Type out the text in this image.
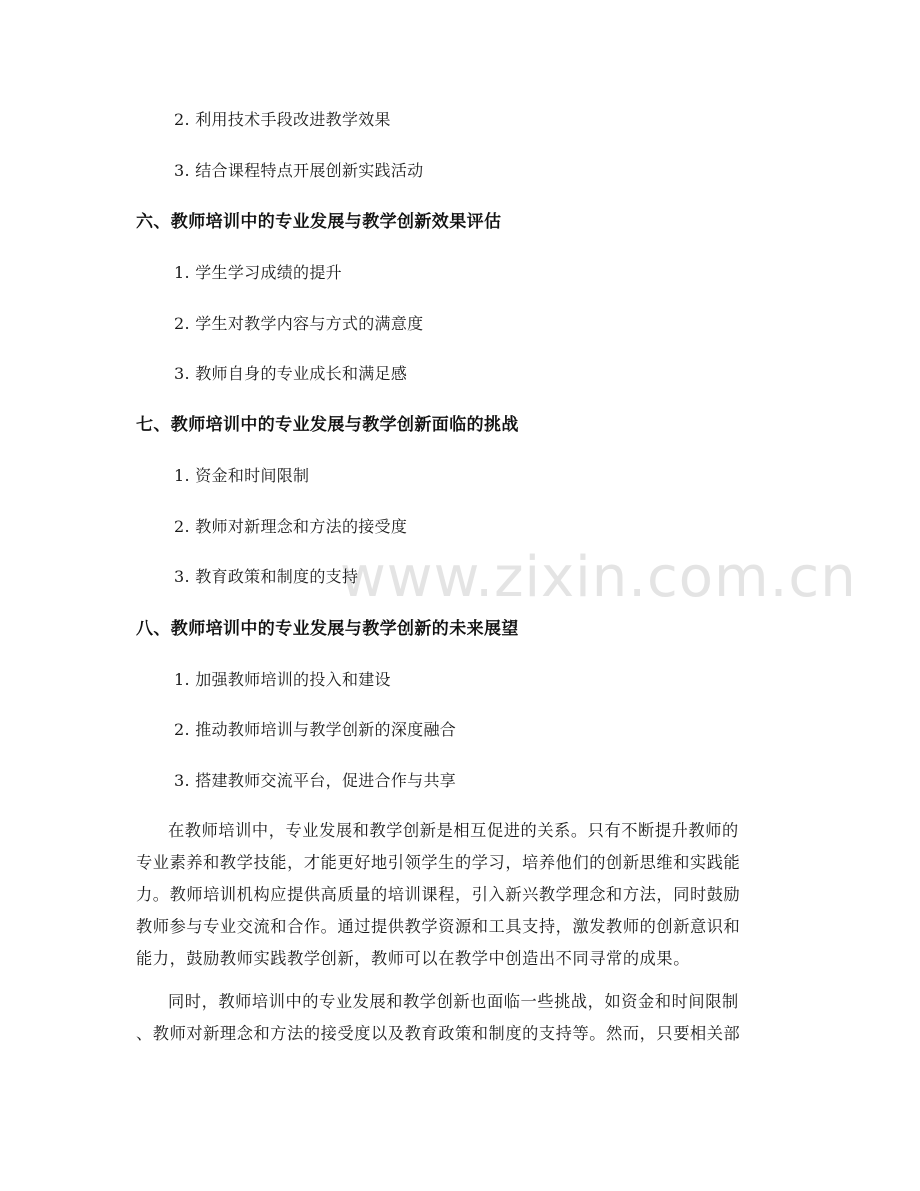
www.zixin.com.cn
2. 利用技术手段改进教学效果
3. 结合课程特点开展创新实践活动
六、教师培训中的专业发展与教学创新效果评估
1. 学生学习成绩的提升
2. 学生对教学内容与方式的满意度
3. 教师自身的专业成长和满足感
七、教师培训中的专业发展与教学创新面临的挑战
1. 资金和时间限制
2. 教师对新理念和方法的接受度
3. 教育政策和制度的支持
八、教师培训中的专业发展与教学创新的未来展望
1. 加强教师培训的投入和建设
2. 推动教师培训与教学创新的深度融合
3. 搭建教师交流平台，促进合作与共享
在教师培训中，专业发展和教学创新是相互促进的关系。只有不断提升教师的
专业素养和教学技能，才能更好地引领学生的学习，培养他们的创新思维和实践能
力。教师培训机构应提供高质量的培训课程，引入新兴教学理念和方法，同时鼓励
教师参与专业交流和合作。通过提供教学资源和工具支持，激发教师的创新意识和
能力，鼓励教师实践教学创新，教师可以在教学中创造出不同寻常的成果。
同时，教师培训中的专业发展和教学创新也面临一些挑战，如资金和时间限制
、教师对新理念和方法的接受度以及教育政策和制度的支持等。然而，只要相关部
